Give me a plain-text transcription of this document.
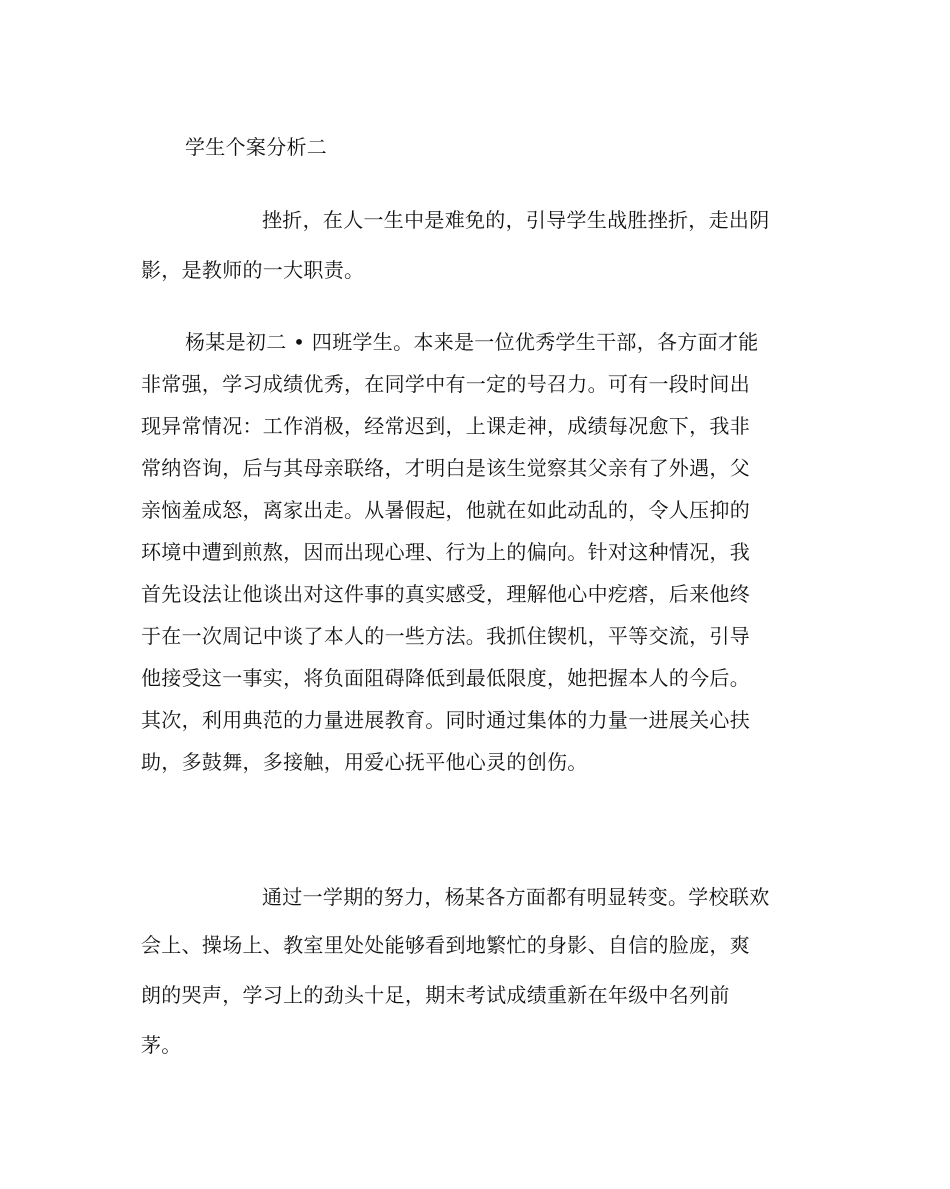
学生个案分析二
挫折，在人一生中是难免的，引导学生战胜挫折，走出阴
影，是教师的一大职责。
杨某是初二 • 四班学生。本来是一位优秀学生干部，各方面才能
非常强，学习成绩优秀，在同学中有一定的号召力。可有一段时间出
现异常情况：工作消极，经常迟到，上课走神，成绩每况愈下，我非
常纳咨询，后与其母亲联络，才明白是该生觉察其父亲有了外遇，父
亲恼羞成怒，离家出走。从暑假起，他就在如此动乱的，令人压抑的
环境中遭到煎熬，因而出现心理、行为上的偏向。针对这种情况，我
首先设法让他谈出对这件事的真实感受，理解他心中疙瘩，后来他终
于在一次周记中谈了本人的一些方法。我抓住锲机，平等交流，引导
他接受这一事实，将负面阻碍降低到最低限度，她把握本人的今后。
其次，利用典范的力量进展教育。同时通过集体的力量一进展关心扶
助，多鼓舞，多接触，用爱心抚平他心灵的创伤。
通过一学期的努力，杨某各方面都有明显转变。学校联欢
会上、操场上、教室里处处能够看到地繁忙的身影、自信的脸庞，爽
朗的哭声，学习上的劲头十足，期末考试成绩重新在年级中名列前
茅。
